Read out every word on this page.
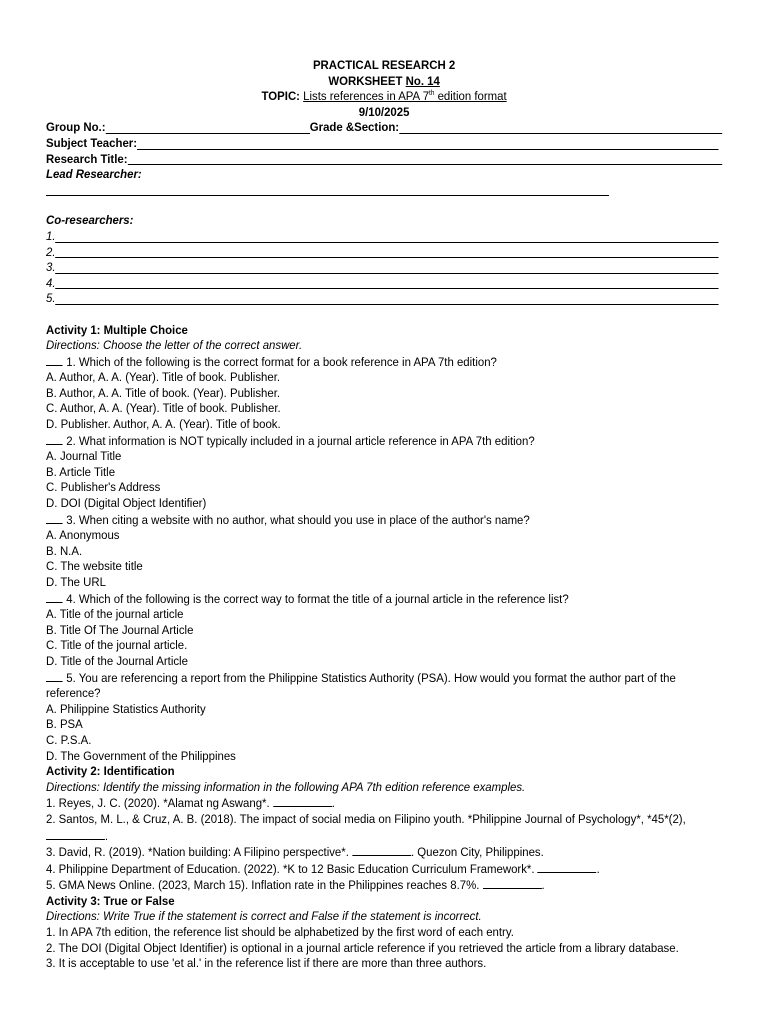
PRACTICAL RESEARCH 2
WORKSHEET No. 14
TOPIC: Lists references in APA 7th edition format
9/10/2025
Group No.:	Grade &Section:
Subject Teacher:
Research Title:
Lead Researcher:
Co-researchers:
1.
2.
3.
4.
5.
Activity 1: Multiple Choice
Directions: Choose the letter of the correct answer.
1. Which of the following is the correct format for a book reference in APA 7th edition?
A. Author, A. A. (Year). Title of book. Publisher.
B. Author, A. A. Title of book. (Year). Publisher.
C. Author, A. A. (Year). Title of book. Publisher.
D. Publisher. Author, A. A. (Year). Title of book.
2. What information is NOT typically included in a journal article reference in APA 7th edition?
A. Journal Title
B. Article Title
C. Publisher's Address
D. DOI (Digital Object Identifier)
3. When citing a website with no author, what should you use in place of the author's name?
A. Anonymous
B. N.A.
C. The website title
D. The URL
4. Which of the following is the correct way to format the title of a journal article in the reference list?
A. Title of the journal article
B. Title Of The Journal Article
C. Title of the journal article.
D. Title of the Journal Article
5. You are referencing a report from the Philippine Statistics Authority (PSA). How would you format the author part of the reference?
A. Philippine Statistics Authority
B. PSA
C. P.S.A.
D. The Government of the Philippines
Activity 2: Identification
Directions: Identify the missing information in the following APA 7th edition reference examples.
1. Reyes, J. C. (2020). *Alamat ng Aswang*.	.
2. Santos, M. L., & Cruz, A. B. (2018). The impact of social media on Filipino youth. *Philippine Journal of Psychology*, *45*(2), .
3. David, R. (2019). *Nation building: A Filipino perspective*.	. Quezon City, Philippines.
4. Philippine Department of Education. (2022). *K to 12 Basic Education Curriculum Framework*.	.
5. GMA News Online. (2023, March 15). Inflation rate in the Philippines reaches 8.7%.	.
Activity 3: True or False
Directions: Write True if the statement is correct and False if the statement is incorrect.
1. In APA 7th edition, the reference list should be alphabetized by the first word of each entry.
2. The DOI (Digital Object Identifier) is optional in a journal article reference if you retrieved the article from a library database.
3. It is acceptable to use 'et al.' in the reference list if there are more than three authors.
